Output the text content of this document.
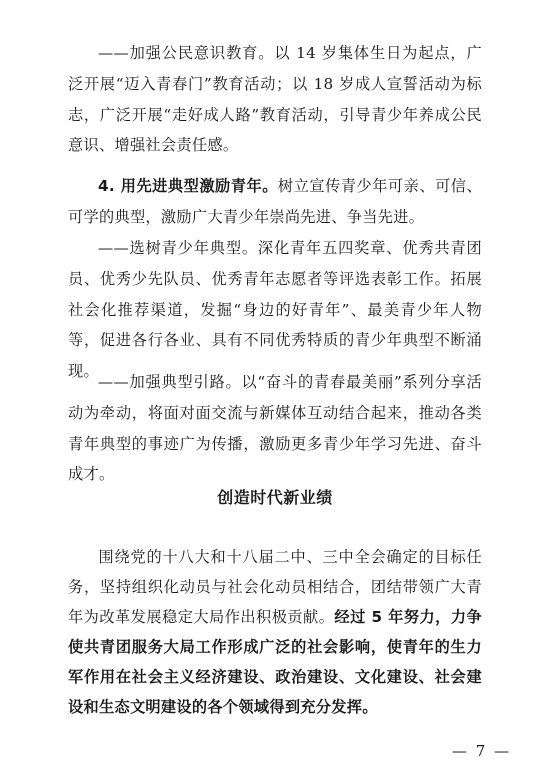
——加强公民意识教育。以 14 岁集体生日为起点，广泛开展“迈入青春门”教育活动；以 18 岁成人宣誓活动为标志，广泛开展“走好成人路”教育活动，引导青少年养成公民意识、增强社会责任感。

4. 用先进典型激励青年。树立宣传青少年可亲、可信、可学的典型，激励广大青少年崇尚先进、争当先进。

——选树青少年典型。深化青年五四奖章、优秀共青团员、优秀少先队员、优秀青年志愿者等评选表彰工作。拓展社会化推荐渠道，发掘“身边的好青年”、最美青少年人物等，促进各行各业、具有不同优秀特质的青少年典型不断涌现。

——加强典型引路。以“奋斗的青春最美丽”系列分享活动为牵动，将面对面交流与新媒体互动结合起来，推动各类青年典型的事迹广为传播，激励更多青少年学习先进、奋斗成才。

创造时代新业绩

围绕党的十八大和十八届二中、三中全会确定的目标任务，坚持组织化动员与社会化动员相结合，团结带领广大青年为改革发展稳定大局作出积极贡献。经过 5 年努力，力争使共青团服务大局工作形成广泛的社会影响，使青年的生力军作用在社会主义经济建设、政治建设、文化建设、社会建设和生态文明建设的各个领域得到充分发挥。

— 7 —
